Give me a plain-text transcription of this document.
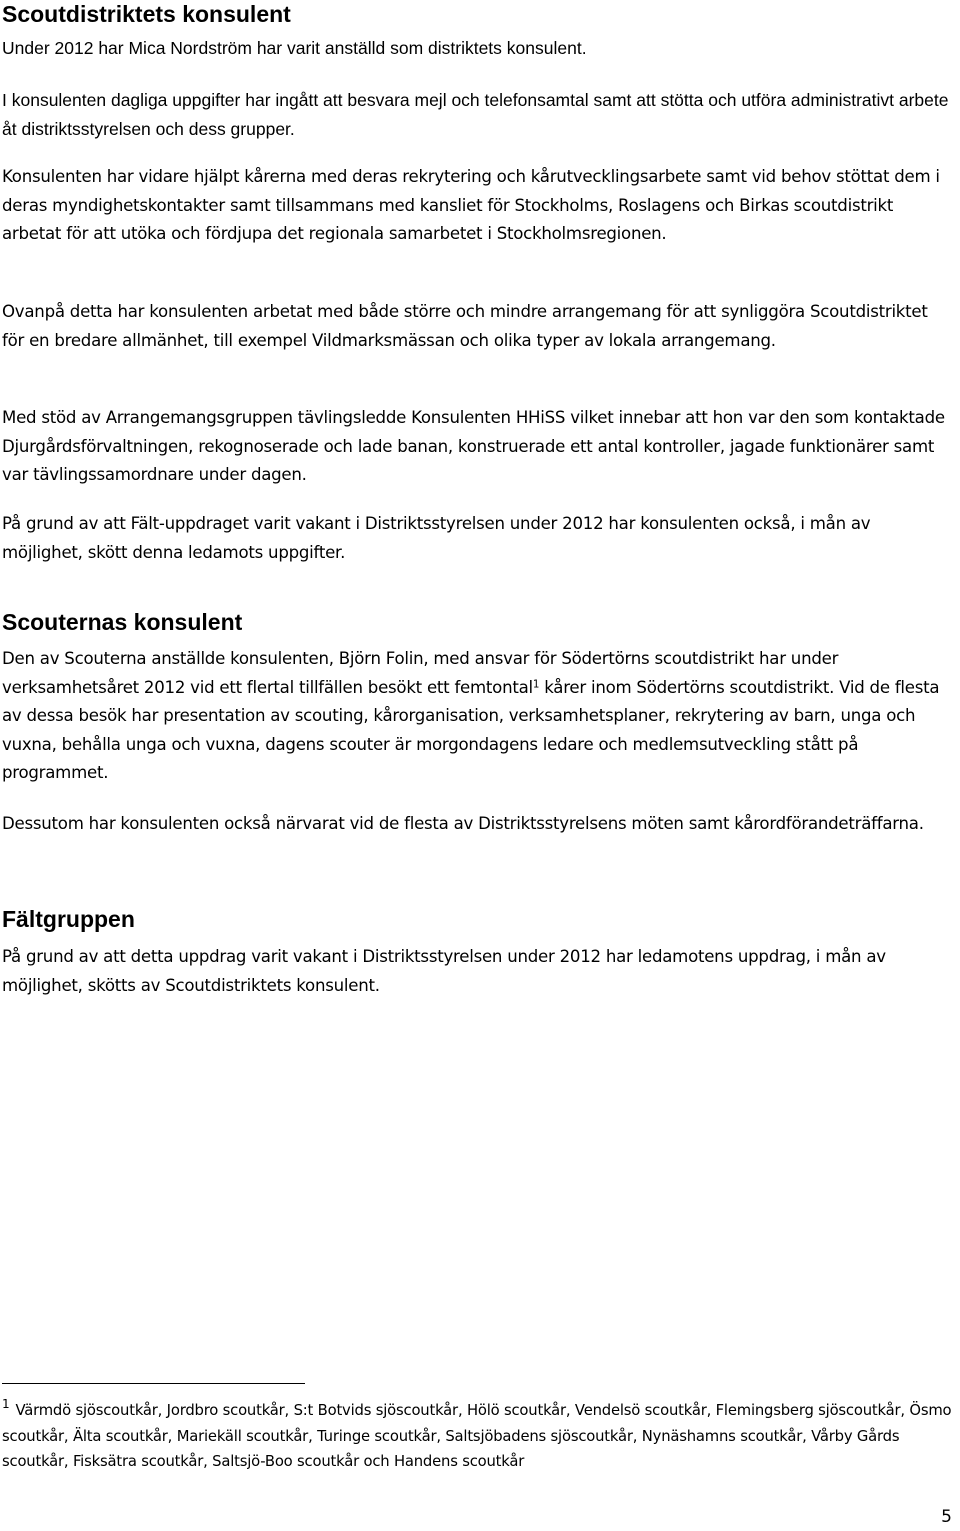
Scoutdistriktets konsulent

Under 2012 har Mica Nordström har varit anställd som distriktets konsulent.

I konsulenten dagliga uppgifter har ingått att besvara mejl och telefonsamtal samt att stötta och utföra administrativt arbete åt distriktsstyrelsen och dess grupper.

Konsulenten har vidare hjälpt kårerna med deras rekrytering och kårutvecklingsarbete samt vid behov stöttat dem i deras myndighetskontakter samt tillsammans med kansliet för Stockholms, Roslagens och Birkas scoutdistrikt arbetat för att utöka och fördjupa det regionala samarbetet i Stockholmsregionen.

Ovanpå detta har konsulenten arbetat med både större och mindre arrangemang för att synliggöra Scoutdistriktet för en bredare allmänhet, till exempel Vildmarksmässan och olika typer av lokala arrangemang.

Med stöd av Arrangemangsgruppen tävlingsledde Konsulenten HHiSS vilket innebar att hon var den som kontaktade Djurgårdsförvaltningen, rekognoserade och lade banan, konstruerade ett antal kontroller, jagade funktionärer samt var tävlingssamordnare under dagen.

På grund av att Fält-uppdraget varit vakant i Distriktsstyrelsen under 2012 har konsulenten också, i mån av möjlighet, skött denna ledamots uppgifter.

Scouternas konsulent

Den av Scouterna anställde konsulenten, Björn Folin, med ansvar för Södertörns scoutdistrikt har under verksamhetsåret 2012 vid ett flertal tillfällen besökt ett femtontal$^1$ kårer inom Södertörns scoutdistrikt. Vid de flesta av dessa besök har presentation av scouting, kårorganisation, verksamhetsplaner, rekrytering av barn, unga och vuxna, behålla unga och vuxna, dagens scouter är morgondagens ledare och medlemsutveckling stått på programmet.

Dessutom har konsulenten också närvarat vid de flesta av Distriktsstyrelsens möten samt kårordförandeträffarna.

Fältgruppen

På grund av att detta uppdrag varit vakant i Distriktsstyrelsen under 2012 har ledamotens uppdrag, i mån av möjlighet, skötts av Scoutdistriktets konsulent.

$^1$ Värmdö sjöscoutkår, Jordbro scoutkår, S:t Botvids sjöscoutkår, Hölö scoutkår, Vendelsö scoutkår, Flemingsberg sjöscoutkår, Ösmo scoutkår, Älta scoutkår, Mariekäll scoutkår, Turinge scoutkår, Saltsjöbadens sjöscoutkår, Nynäshamns scoutkår, Vårby Gårds scoutkår, Fisksätra scoutkår, Saltsjö-Boo scoutkår och Handens scoutkår

5
